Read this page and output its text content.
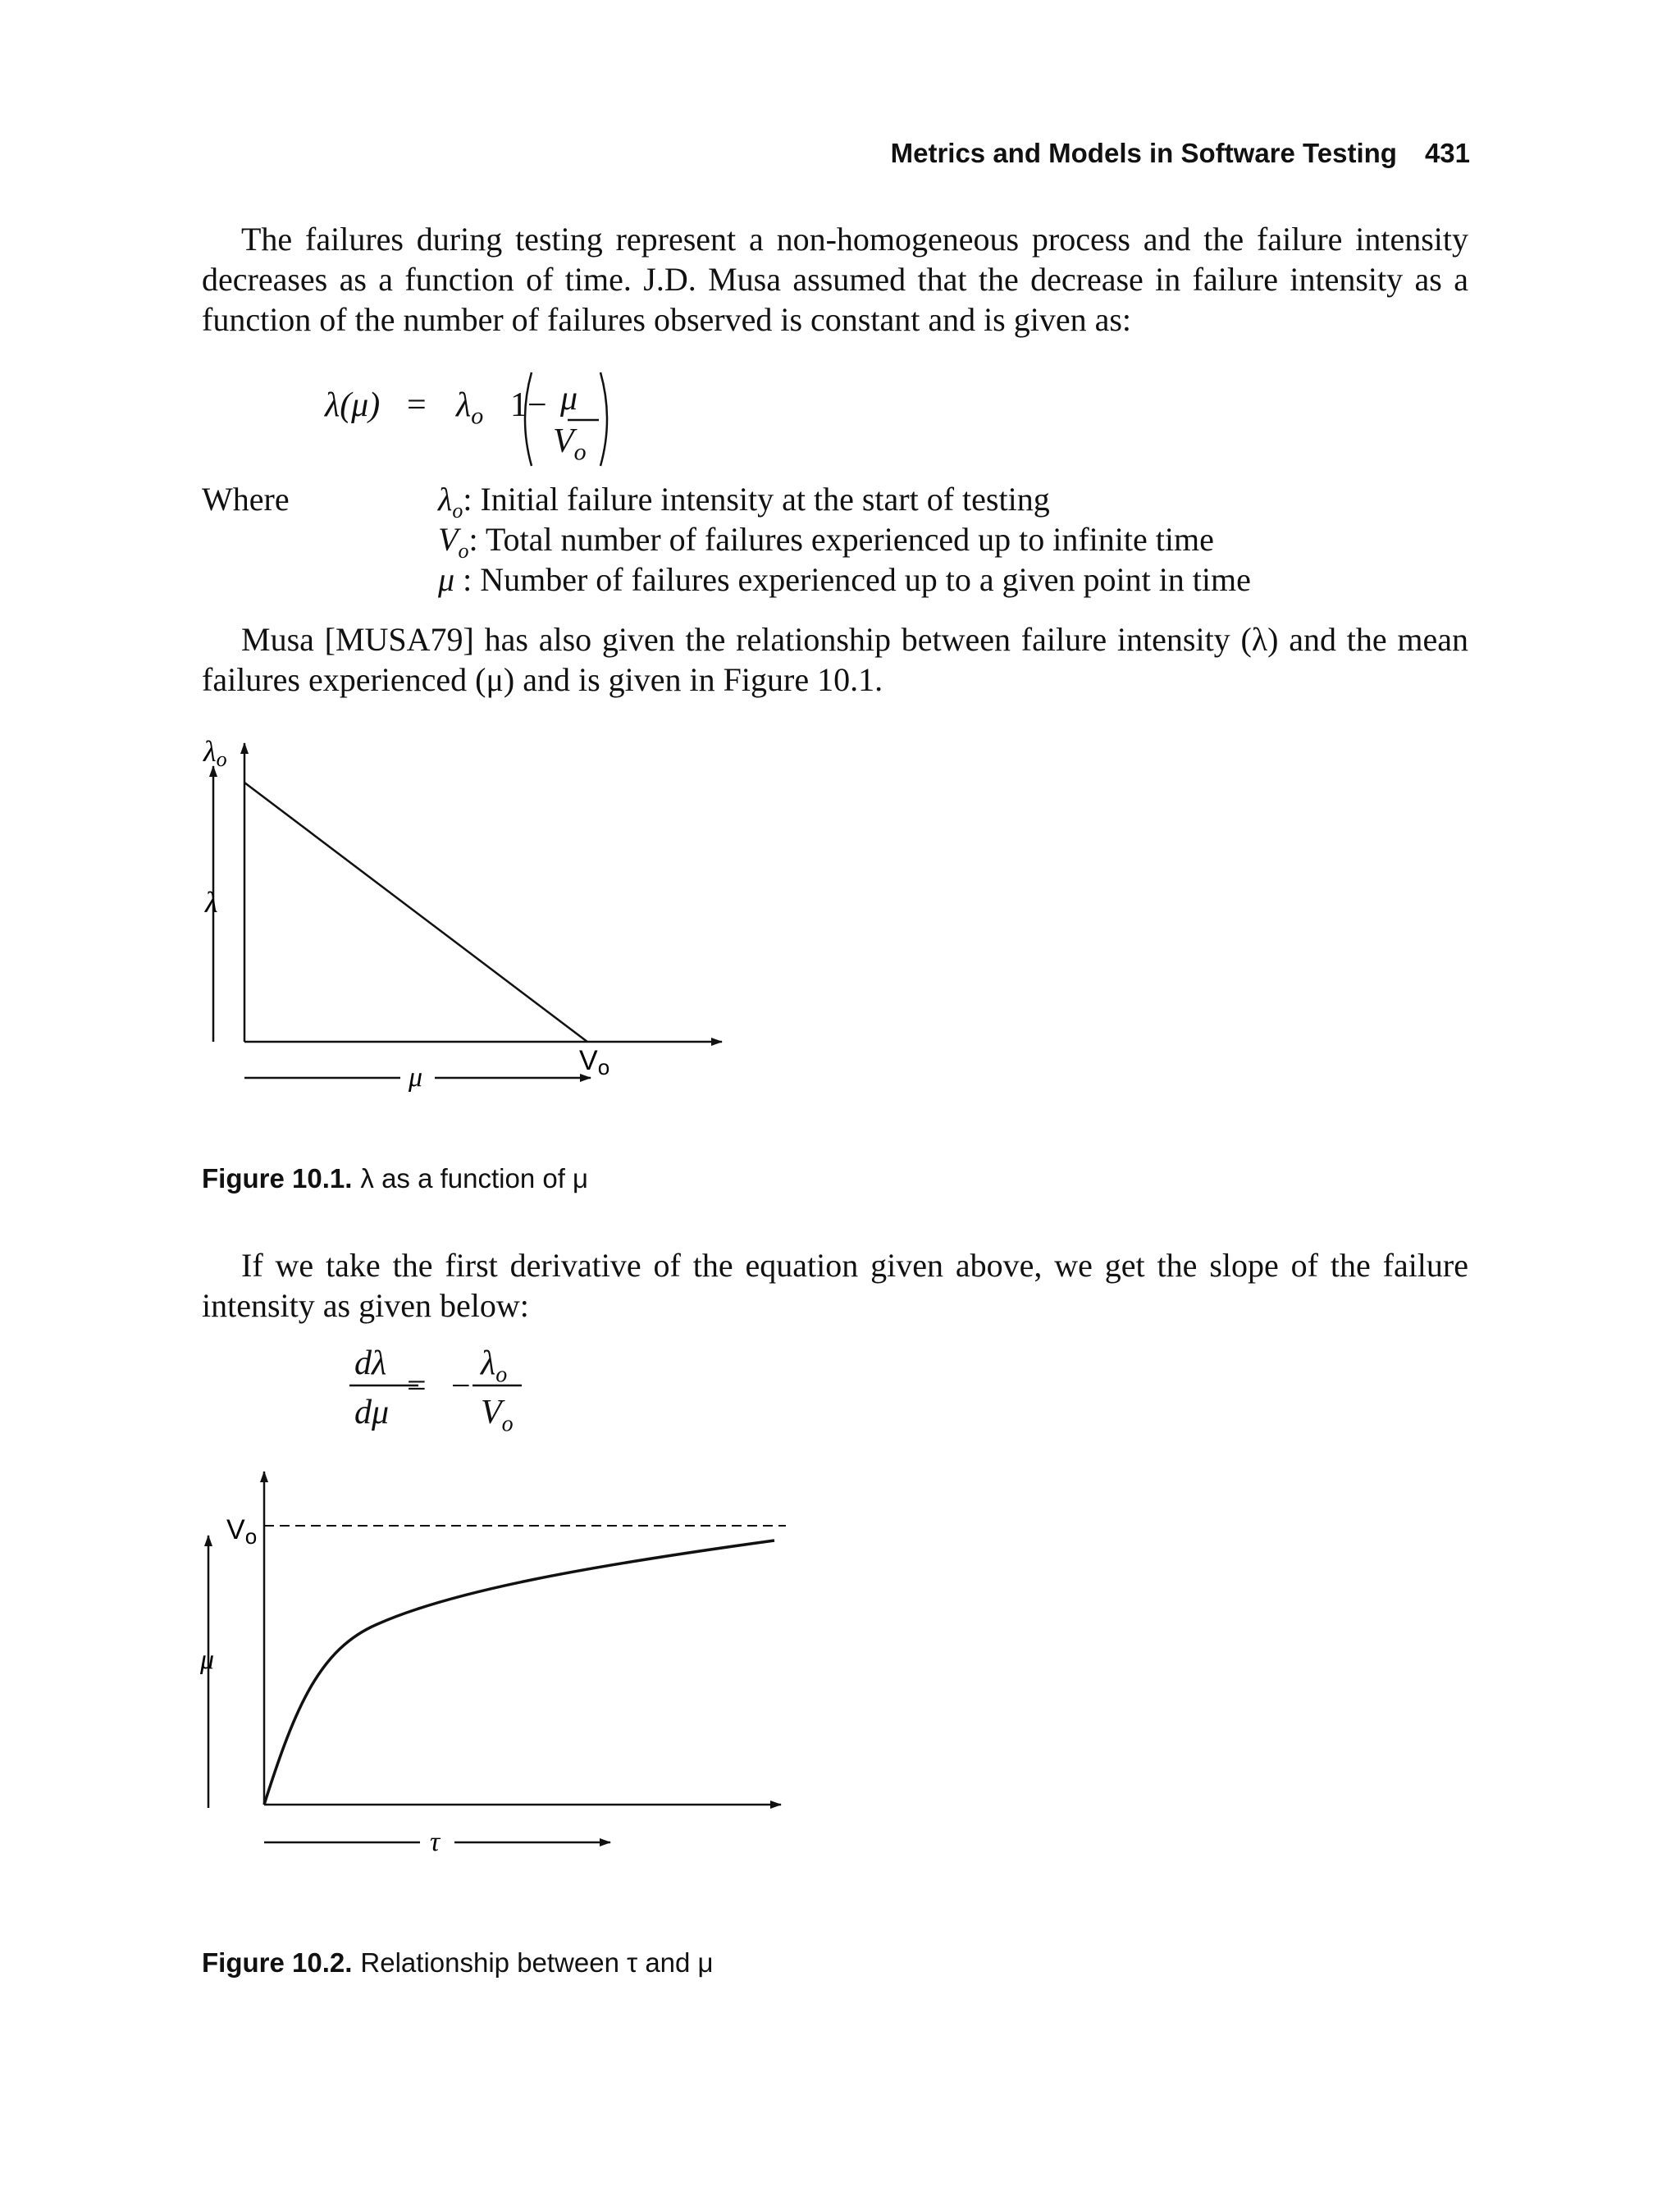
Metrics and Models in Software Testing 431
The failures during testing represent a non-homogeneous process and the failure intensity decreases as a function of time. J.D. Musa assumed that the decrease in failure intensity as a function of the number of failures observed is constant and is given as:
$\lambda(\mu) = \lambda_o$ 1− μ
$V_o$
Where	$\lambda_o$: Initial failure intensity at the start of testing
$V_o$: Total number of failures experienced up to infinite time
μ : Number of failures experienced up to a given point in time
Musa [MUSA79] has also given the relationship between failure intensity (λ) and the mean failures experienced (μ) and is given in Figure 10.1.
λo
λ
μ
Vo
Figure 10.1. λ as a function of μ
If we take the first derivative of the equation given above, we get the slope of the failure intensity as given below:
dλ
dμ
= −
$\lambda_o$
$V_o$
Vo
μ
τ
Figure 10.2. Relationship between τ and μ
